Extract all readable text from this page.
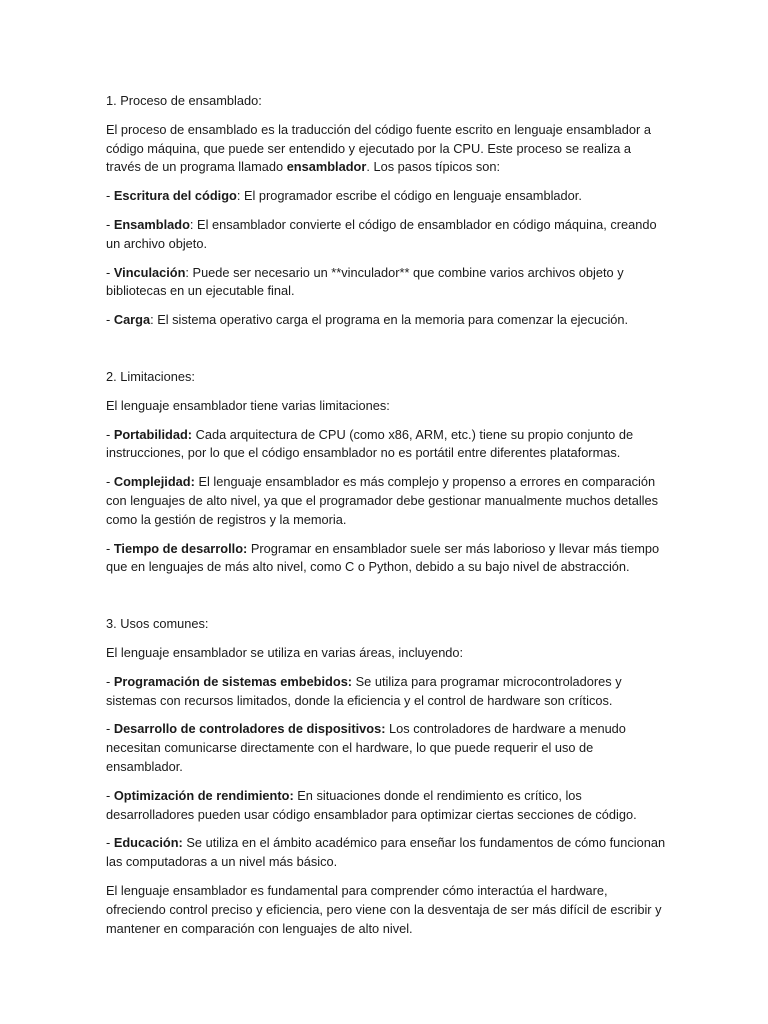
1. Proceso de ensamblado:

El proceso de ensamblado es la traducción del código fuente escrito en lenguaje ensamblador a código máquina, que puede ser entendido y ejecutado por la CPU. Este proceso se realiza a través de un programa llamado ensamblador. Los pasos típicos son:

- Escritura del código: El programador escribe el código en lenguaje ensamblador.

- Ensamblado: El ensamblador convierte el código de ensamblador en código máquina, creando un archivo objeto.

- Vinculación: Puede ser necesario un **vinculador** que combine varios archivos objeto y bibliotecas en un ejecutable final.

- Carga: El sistema operativo carga el programa en la memoria para comenzar la ejecución.

2. Limitaciones:

El lenguaje ensamblador tiene varias limitaciones:

- Portabilidad: Cada arquitectura de CPU (como x86, ARM, etc.) tiene su propio conjunto de instrucciones, por lo que el código ensamblador no es portátil entre diferentes plataformas.

- Complejidad: El lenguaje ensamblador es más complejo y propenso a errores en comparación con lenguajes de alto nivel, ya que el programador debe gestionar manualmente muchos detalles como la gestión de registros y la memoria.

- Tiempo de desarrollo: Programar en ensamblador suele ser más laborioso y llevar más tiempo que en lenguajes de más alto nivel, como C o Python, debido a su bajo nivel de abstracción.

3. Usos comunes:

El lenguaje ensamblador se utiliza en varias áreas, incluyendo:

- Programación de sistemas embebidos: Se utiliza para programar microcontroladores y sistemas con recursos limitados, donde la eficiencia y el control de hardware son críticos.

- Desarrollo de controladores de dispositivos: Los controladores de hardware a menudo necesitan comunicarse directamente con el hardware, lo que puede requerir el uso de ensamblador.

- Optimización de rendimiento: En situaciones donde el rendimiento es crítico, los desarrolladores pueden usar código ensamblador para optimizar ciertas secciones de código.

- Educación: Se utiliza en el ámbito académico para enseñar los fundamentos de cómo funcionan las computadoras a un nivel más básico.

El lenguaje ensamblador es fundamental para comprender cómo interactúa el hardware, ofreciendo control preciso y eficiencia, pero viene con la desventaja de ser más difícil de escribir y mantener en comparación con lenguajes de alto nivel.
